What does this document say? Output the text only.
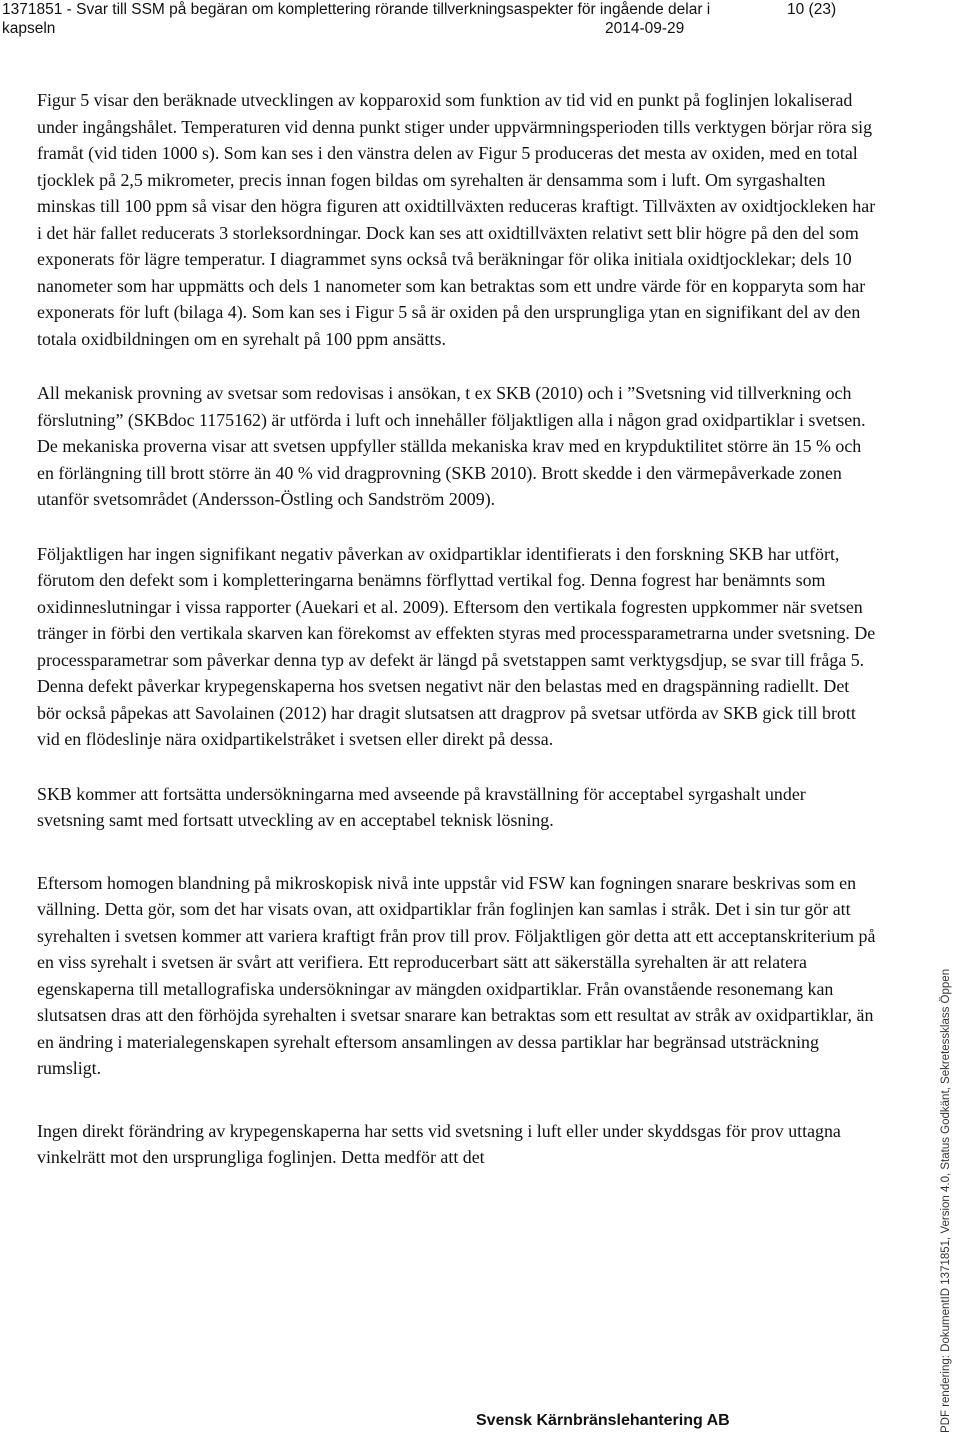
1371851 - Svar till SSM på begäran om komplettering rörande tillverkningsaspekter för ingående delar i	10 (23)
kapseln	2014-09-29

Figur 5 visar den beräknade utvecklingen av kopparoxid som funktion av tid vid en punkt på foglinjen lokaliserad under ingångshålet. Temperaturen vid denna punkt stiger under uppvärmningsperioden tills verktygen börjar röra sig framåt (vid tiden 1000 s). Som kan ses i den vänstra delen av Figur 5 produceras det mesta av oxiden, med en total tjocklek på 2,5 mikrometer, precis innan fogen bildas om syrehalten är densamma som i luft. Om syrgashalten minskas till 100 ppm så visar den högra figuren att oxidtillväxten reduceras kraftigt. Tillväxten av oxidtjockleken har i det här fallet reducerats 3 storleksordningar. Dock kan ses att oxidtillväxten relativt sett blir högre på den del som exponerats för lägre temperatur. I diagrammet syns också två beräkningar för olika initiala oxidtjocklekar; dels 10 nanometer som har uppmätts och dels 1 nanometer som kan betraktas som ett undre värde för en kopparyta som har exponerats för luft (bilaga 4). Som kan ses i Figur 5 så är oxiden på den ursprungliga ytan en signifikant del av den totala oxidbildningen om en syrehalt på 100 ppm ansätts.

All mekanisk provning av svetsar som redovisas i ansökan, t ex SKB (2010) och i ”Svetsning vid tillverkning och förslutning” (SKBdoc 1175162) är utförda i luft och innehåller följaktligen alla i någon grad oxidpartiklar i svetsen. De mekaniska proverna visar att svetsen uppfyller ställda mekaniska krav med en krypduktilitet större än 15 % och en förlängning till brott större än 40 % vid dragprovning (SKB 2010). Brott skedde i den värmepåverkade zonen utanför svetsområdet (Andersson-Östling och Sandström 2009).

Följaktligen har ingen signifikant negativ påverkan av oxidpartiklar identifierats i den forskning SKB har utfört, förutom den defekt som i kompletteringarna benämns förflyttad vertikal fog. Denna fogrest har benämnts som oxidinneslutningar i vissa rapporter (Auekari et al. 2009). Eftersom den vertikala fogresten uppkommer när svetsen tränger in förbi den vertikala skarven kan förekomst av effekten styras med processparametrarna under svetsning. De processparametrar som påverkar denna typ av defekt är längd på svetstappen samt verktygsdjup, se svar till fråga 5. Denna defekt påverkar krypegenskaperna hos svetsen negativt när den belastas med en dragspänning radiellt. Det bör också påpekas att Savolainen (2012) har dragit slutsatsen att dragprov på svetsar utförda av SKB gick till brott vid en flödeslinje nära oxidpartikelstråket i svetsen eller direkt på dessa.

SKB kommer att fortsätta undersökningarna med avseende på kravställning för acceptabel syrgashalt under svetsning samt med fortsatt utveckling av en acceptabel teknisk lösning.

Eftersom homogen blandning på mikroskopisk nivå inte uppstår vid FSW kan fogningen snarare beskrivas som en vällning. Detta gör, som det har visats ovan, att oxidpartiklar från foglinjen kan samlas i stråk. Det i sin tur gör att syrehalten i svetsen kommer att variera kraftigt från prov till prov. Följaktligen gör detta att ett acceptanskriterium på en viss syrehalt i svetsen är svårt att verifiera. Ett reproducerbart sätt att säkerställa syrehalten är att relatera egenskaperna till metallografiska undersökningar av mängden oxidpartiklar. Från ovanstående resonemang kan slutsatsen dras att den förhöjda syrehalten i svetsar snarare kan betraktas som ett resultat av stråk av oxidpartiklar, än en ändring i materialegenskapen syrehalt eftersom ansamlingen av dessa partiklar har begränsad utsträckning rumsligt.

Ingen direkt förändring av krypegenskaperna har setts vid svetsning i luft eller under skyddsgas för prov uttagna vinkelrätt mot den ursprungliga foglinjen. Detta medför att det

Svensk Kärnbränslehantering AB	PDF rendering: DokumentID 1371851, Version 4.0, Status Godkänt, Sekretessklass Öppen
